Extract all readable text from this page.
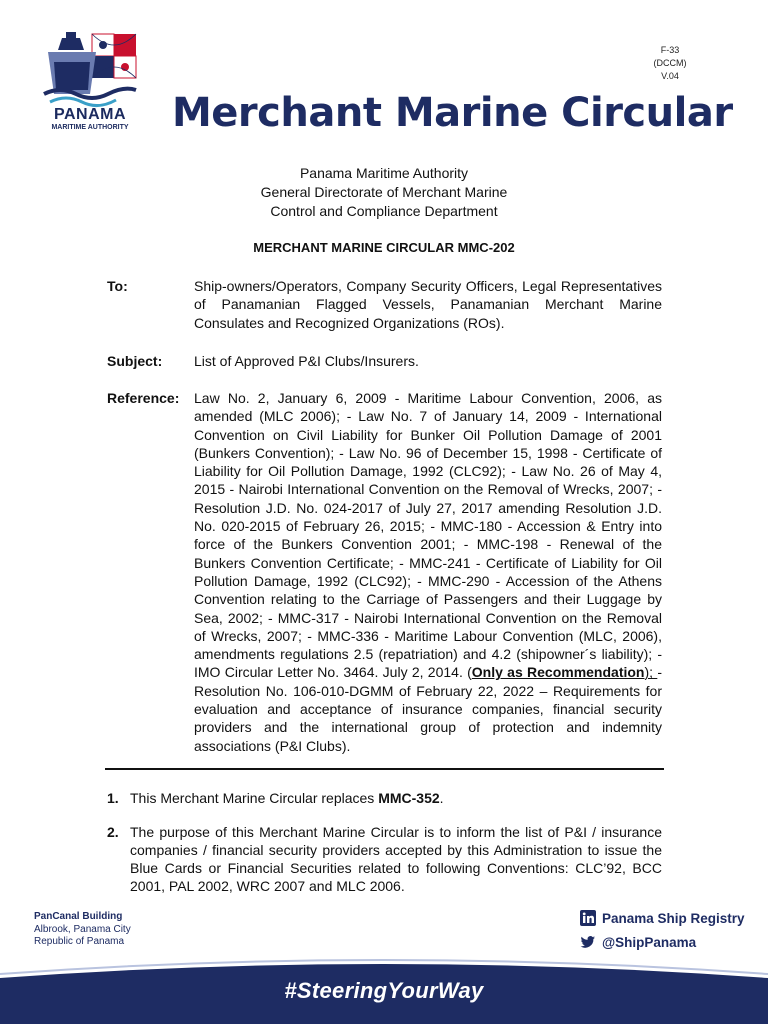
PANAMA
MARITIME AUTHORITY
F-33
(DCCM)
V.04
Merchant Marine Circular
Panama Maritime Authority
General Directorate of Merchant Marine
Control and Compliance Department
MERCHANT MARINE CIRCULAR MMC-202
To:	Ship-owners/Operators, Company Security Officers, Legal Representatives of Panamanian Flagged Vessels, Panamanian Merchant Marine Consulates and Recognized Organizations (ROs).
Subject: List of Approved P&I Clubs/Insurers.
Reference: Law No. 2, January 6, 2009 - Maritime Labour Convention, 2006, as amended (MLC 2006); - Law No. 7 of January 14, 2009 - International Convention on Civil Liability for Bunker Oil Pollution Damage of 2001 (Bunkers Convention); - Law No. 96 of December 15, 1998 - Certificate of Liability for Oil Pollution Damage, 1992 (CLC92); - Law No. 26 of May 4, 2015 - Nairobi International Convention on the Removal of Wrecks, 2007; - Resolution J.D. No. 024-2017 of July 27, 2017 amending Resolution J.D. No. 020-2015 of February 26, 2015; - MMC-180 - Accession & Entry into force of the Bunkers Convention 2001; - MMC-198 - Renewal of the Bunkers Convention Certificate; - MMC-241 - Certificate of Liability for Oil Pollution Damage, 1992 (CLC92); - MMC-290 - Accession of the Athens Convention relating to the Carriage of Passengers and their Luggage by Sea, 2002; - MMC-317 - Nairobi International Convention on the Removal of Wrecks, 2007; - MMC-336 - Maritime Labour Convention (MLC, 2006), amendments regulations 2.5 (repatriation) and 4.2 (shipowner´s liability); - IMO Circular Letter No. 3464. July 2, 2014. (Only as Recommendation); - Resolution No. 106-010-DGMM of February 22, 2022 – Requirements for evaluation and acceptance of insurance companies, financial security providers and the international group of protection and indemnity associations (P&I Clubs).
1. This Merchant Marine Circular replaces MMC-352.
2. The purpose of this Merchant Marine Circular is to inform the list of P&I / insurance companies / financial security providers accepted by this Administration to issue the Blue Cards or Financial Securities related to following Conventions: CLC’92, BCC 2001, PAL 2002, WRC 2007 and MLC 2006.
PanCanal Building
Albrook, Panama City
Republic of Panama
Panama Ship Registry
@ShipPanama
#SteeringYourWay
